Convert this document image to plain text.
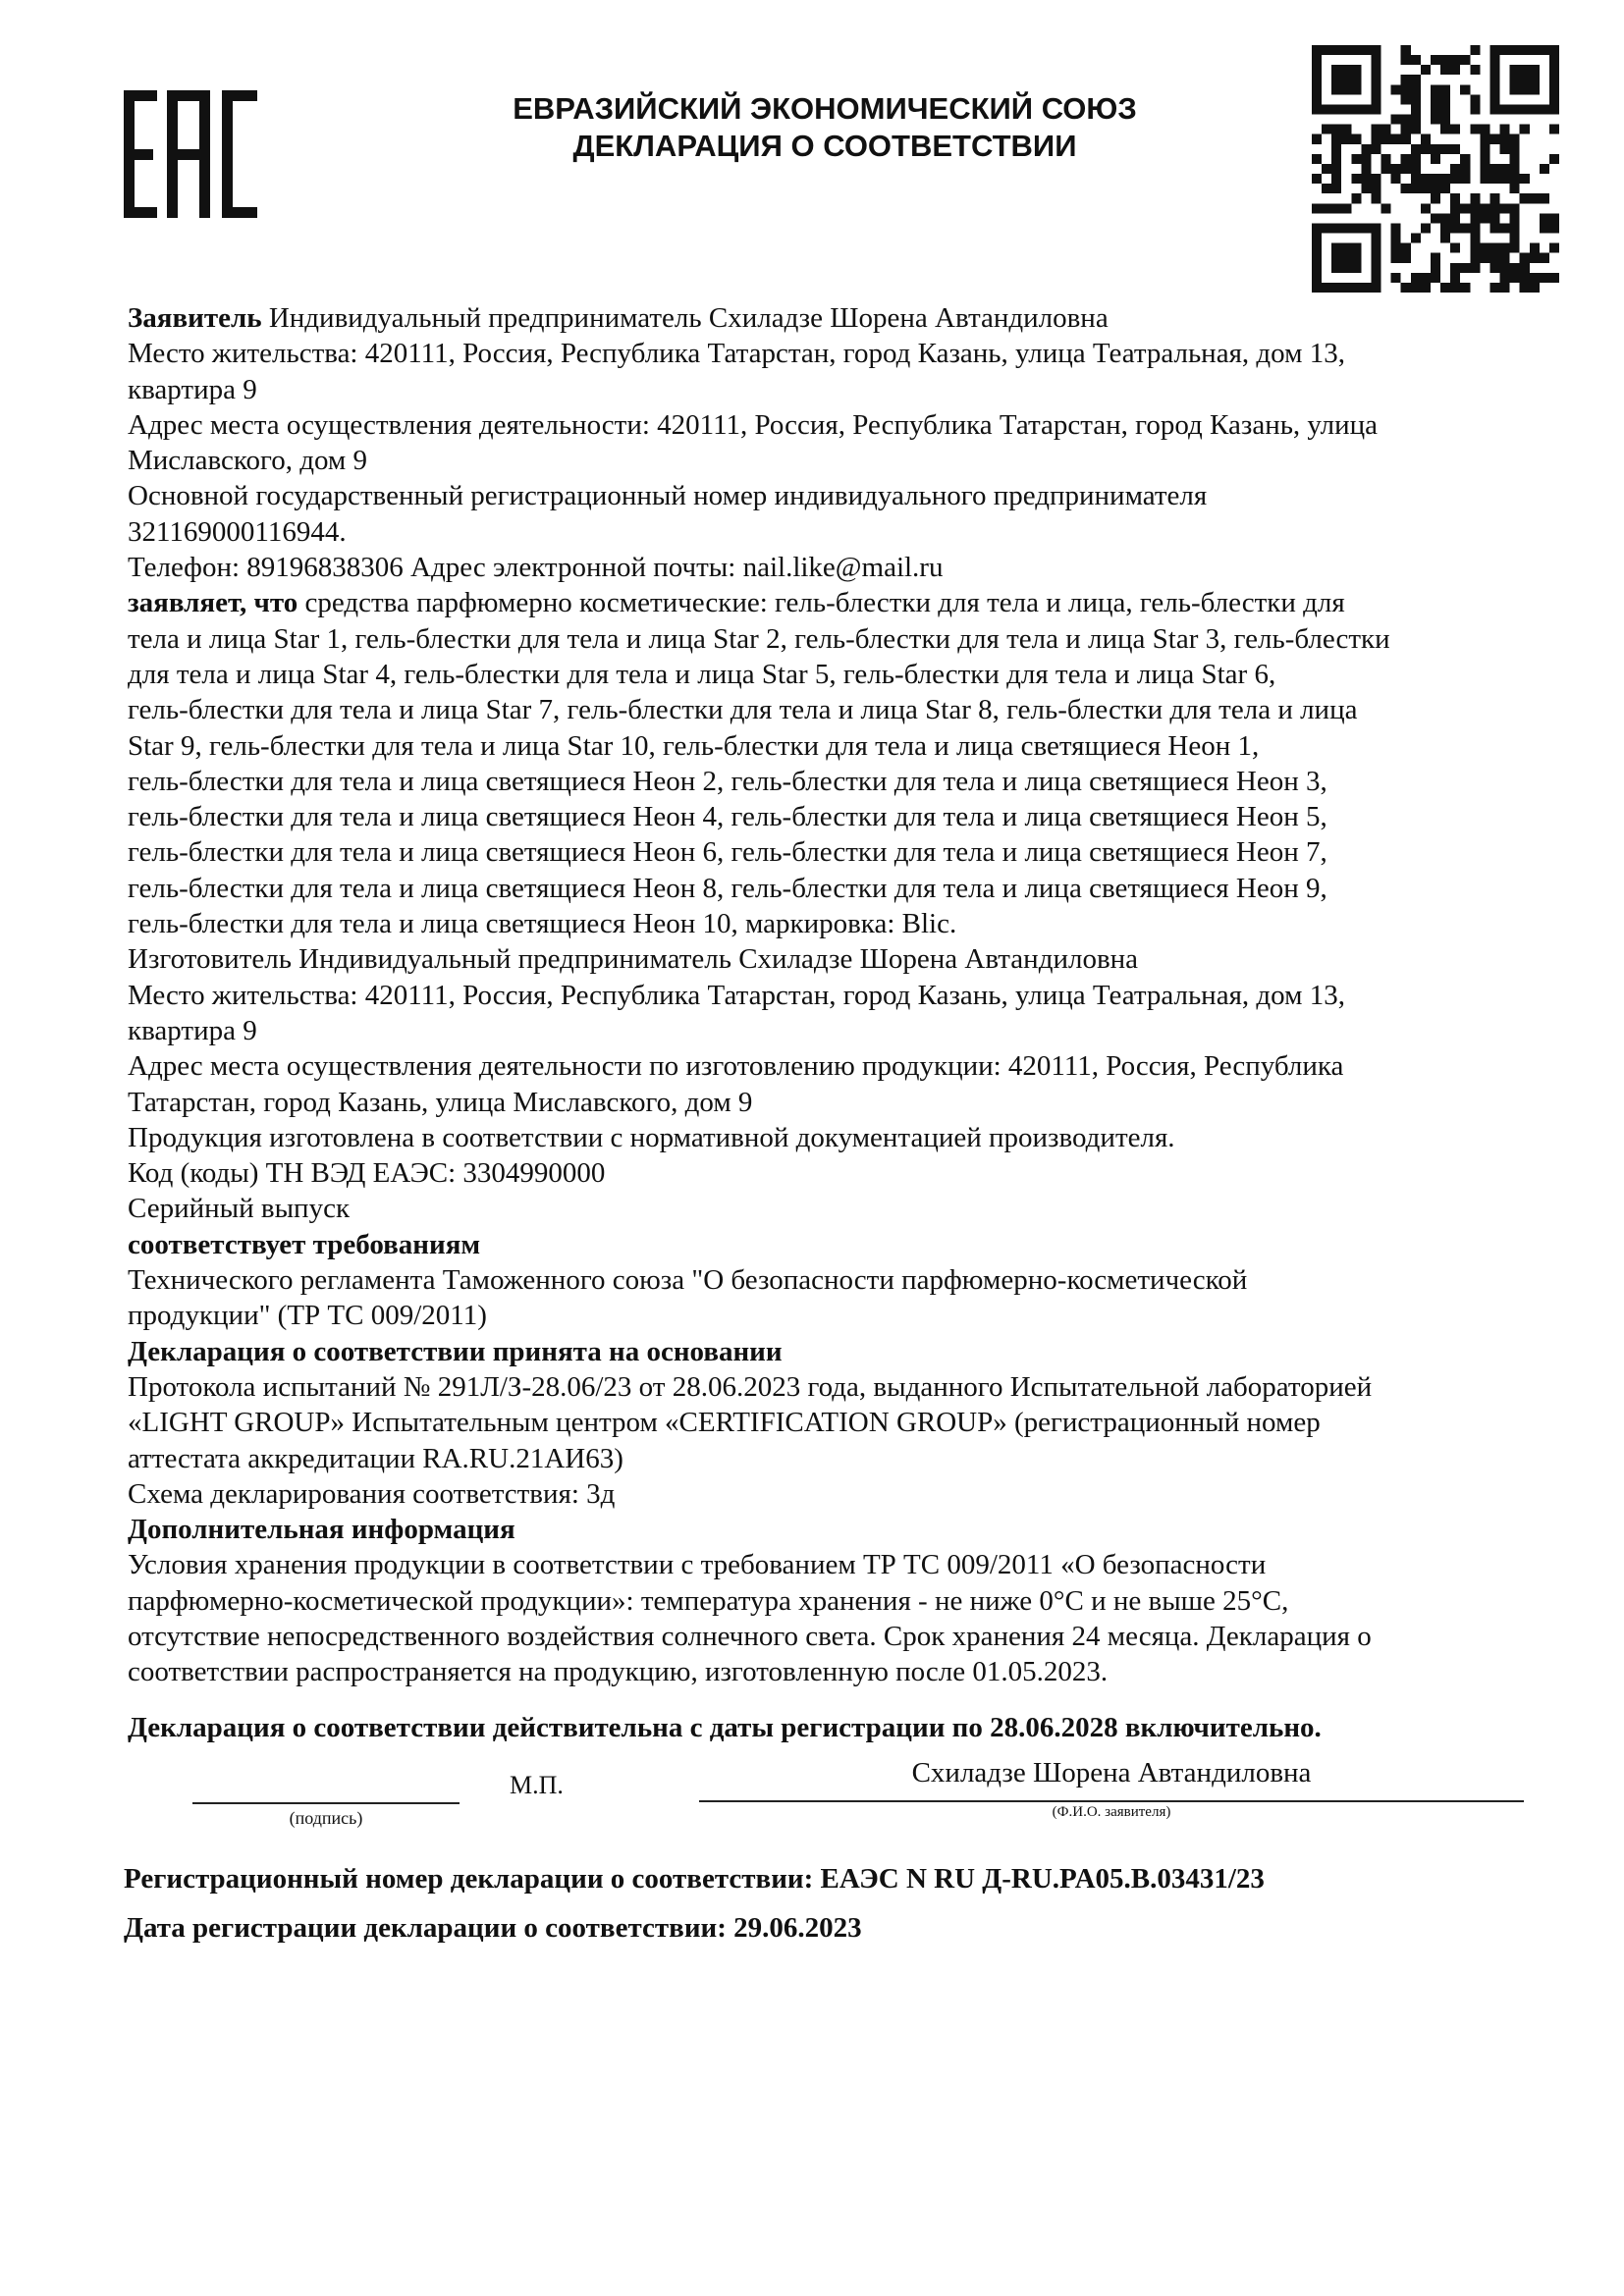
ЕВРАЗИЙСКИЙ ЭКОНОМИЧЕСКИЙ СОЮЗ
ДЕКЛАРАЦИЯ О СООТВЕТСТВИИ

Заявитель Индивидуальный предприниматель Схиладзе Шорена Автандиловна

Место жительства: 420111, Россия, Республика Татарстан, город Казань, улица Театральная, дом 13,

квартира 9

Адрес места осуществления деятельности: 420111, Россия, Республика Татарстан, город Казань, улица

Миславского, дом 9

Основной государственный регистрационный номер индивидуального предпринимателя

321169000116944.

Телефон: 89196838306 Адрес электронной почты: nail.like@mail.ru

заявляет, что средства парфюмерно косметические: гель-блестки для тела и лица, гель-блестки для

тела и лица Star 1, гель-блестки для тела и лица Star 2, гель-блестки для тела и лица Star 3, гель-блестки

для тела и лица Star 4, гель-блестки для тела и лица Star 5, гель-блестки для тела и лица Star 6,

гель-блестки для тела и лица Star 7, гель-блестки для тела и лица Star 8, гель-блестки для тела и лица

Star 9, гель-блестки для тела и лица Star 10, гель-блестки для тела и лица светящиеся Неон 1,

гель-блестки для тела и лица светящиеся Неон 2, гель-блестки для тела и лица светящиеся Неон 3,

гель-блестки для тела и лица светящиеся Неон 4, гель-блестки для тела и лица светящиеся Неон 5,

гель-блестки для тела и лица светящиеся Неон 6, гель-блестки для тела и лица светящиеся Неон 7,

гель-блестки для тела и лица светящиеся Неон 8, гель-блестки для тела и лица светящиеся Неон 9,

гель-блестки для тела и лица светящиеся Неон 10, маркировка: Blic.

Изготовитель Индивидуальный предприниматель Схиладзе Шорена Автандиловна

Место жительства: 420111, Россия, Республика Татарстан, город Казань, улица Театральная, дом 13,

квартира 9

Адрес места осуществления деятельности по изготовлению продукции: 420111, Россия, Республика

Татарстан, город Казань, улица Миславского, дом 9

Продукция изготовлена в соответствии с нормативной документацией производителя.

Код (коды) ТН ВЭД ЕАЭС: 3304990000

Серийный выпуск

соответствует требованиям

Технического регламента Таможенного союза "О безопасности парфюмерно-косметической

продукции" (ТР ТС 009/2011)

Декларация о соответствии принята на основании

Протокола испытаний № 291Л/З-28.06/23 от 28.06.2023 года, выданного Испытательной лабораторией

«LIGHT GROUP» Испытательным центром «CERTIFICATION GROUP» (регистрационный номер

аттестата аккредитации RA.RU.21АИ63)

Схема декларирования соответствия: 3д

Дополнительная информация

Условия хранения продукции в соответствии с требованием ТР ТС 009/2011 «О безопасности

парфюмерно-косметической продукции»: температура хранения - не ниже 0°С и не выше 25°С,

отсутствие непосредственного воздействия солнечного света. Срок хранения 24 месяца. Декларация о

соответствии распространяется на продукцию, изготовленную после 01.05.2023.

Декларация о соответствии действительна с даты регистрации по 28.06.2028 включительно.
(подпись)
М.П.	Схиладзе Шорена Автандиловна
(Ф.И.О. заявителя)
Регистрационный номер декларации о соответствии: ЕАЭС N RU Д-RU.PA05.B.03431/23
Дата регистрации декларации о соответствии: 29.06.2023
